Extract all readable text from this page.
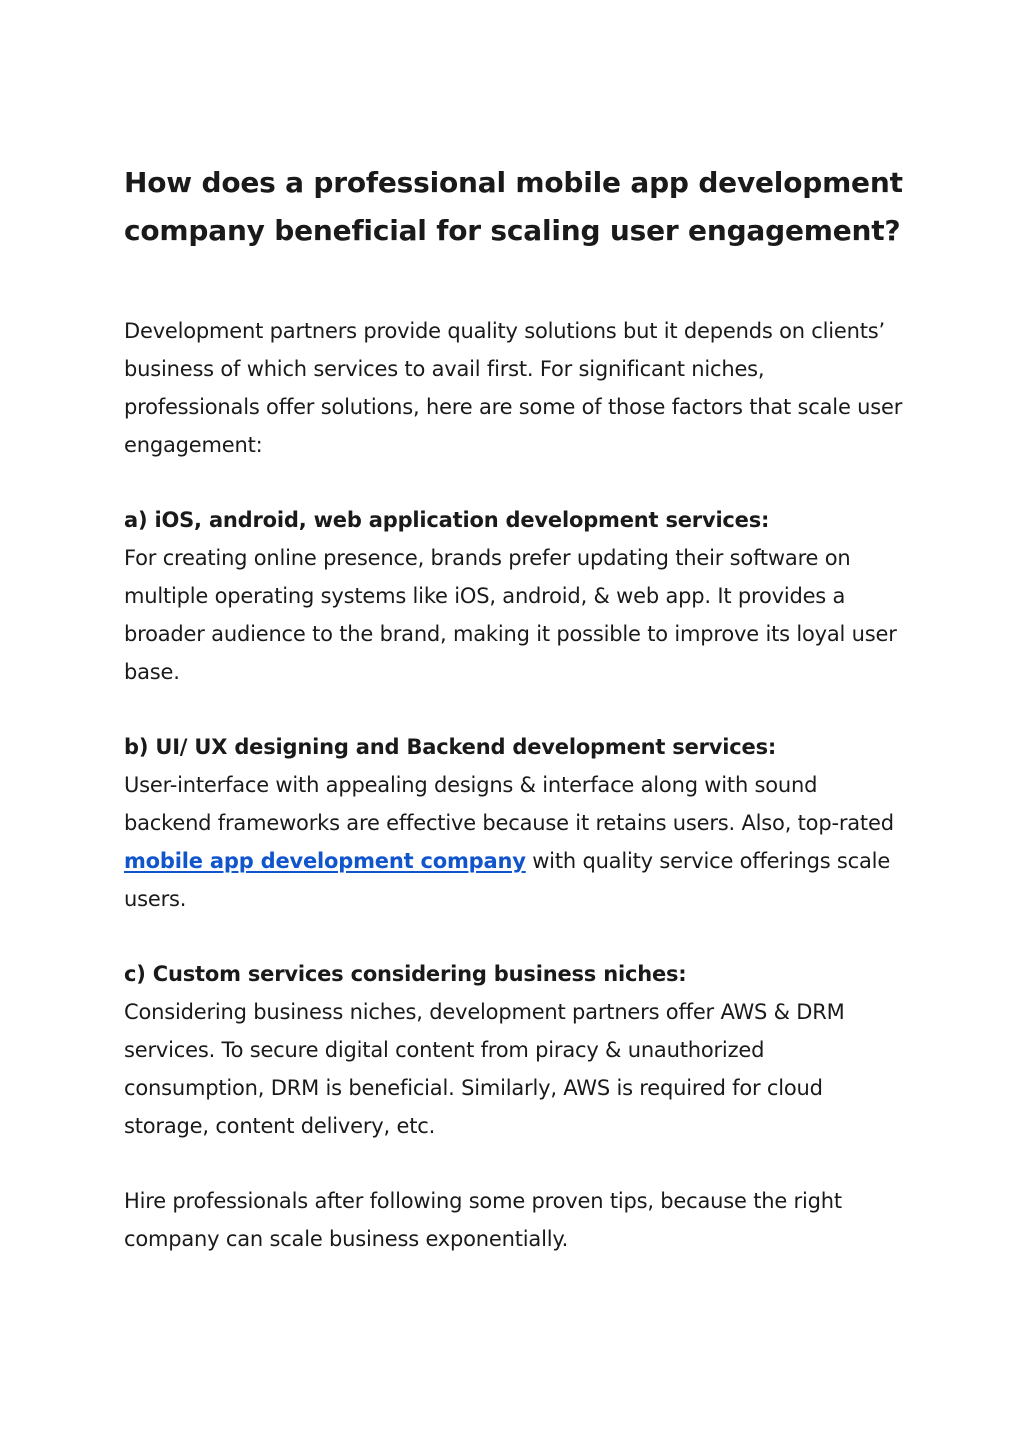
How does a professional mobile app development company beneficial for scaling user engagement?

Development partners provide quality solutions but it depends on clients’ business of which services to avail first. For significant niches, professionals offer solutions, here are some of those factors that scale user engagement:

a) iOS, android, web application development services:

For creating online presence, brands prefer updating their software on multiple operating systems like iOS, android, & web app. It provides a broader audience to the brand, making it possible to improve its loyal user base.

b) UI/ UX designing and Backend development services:

User-interface with appealing designs & interface along with sound backend frameworks are effective because it retains users. Also, top-rated mobile app development company with quality service offerings scale users.

c) Custom services considering business niches:

Considering business niches, development partners offer AWS & DRM services. To secure digital content from piracy & unauthorized consumption, DRM is beneficial. Similarly, AWS is required for cloud storage, content delivery, etc.

Hire professionals after following some proven tips, because the right company can scale business exponentially.
